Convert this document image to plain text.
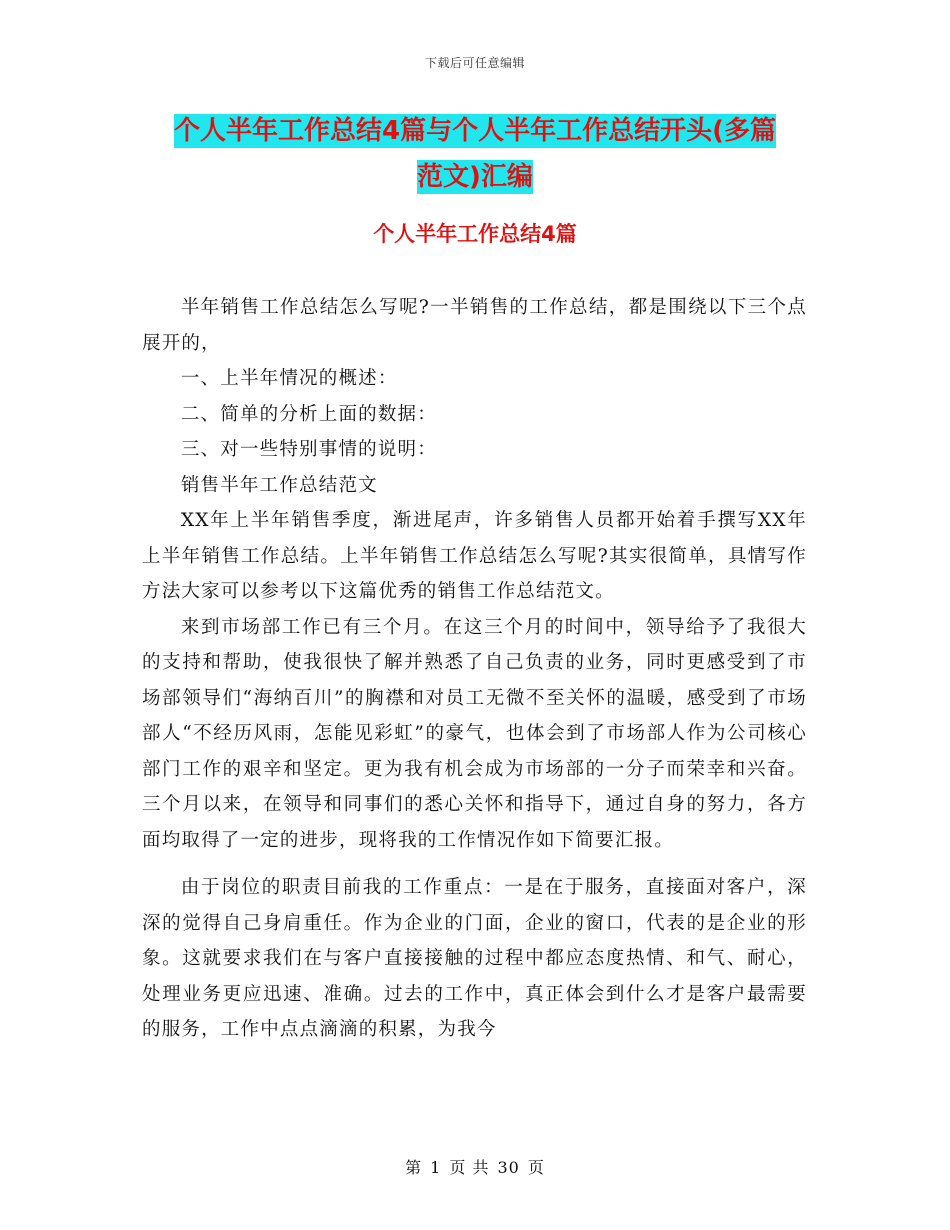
下载后可任意编辑
个人半年工作总结4篇与个人半年工作总结开头(多篇
范文)汇编
个人半年工作总结4篇

半年销售工作总结怎么写呢?一半销售的工作总结，都是围绕以下三个点展开的，

一、上半年情况的概述：

二、简单的分析上面的数据：

三、对一些特别事情的说明：

销售半年工作总结范文

XX年上半年销售季度，渐进尾声，许多销售人员都开始着手撰写XX年上半年销售工作总结。上半年销售工作总结怎么写呢?其实很简单，具情写作方法大家可以参考以下这篇优秀的销售工作总结范文。

来到市场部工作已有三个月。在这三个月的时间中，领导给予了我很大的支持和帮助，使我很快了解并熟悉了自己负责的业务，同时更感受到了市场部领导们“海纳百川”的胸襟和对员工无微不至关怀的温暖，感受到了市场部人“不经历风雨，怎能见彩虹”的豪气，也体会到了市场部人作为公司核心部门工作的艰辛和坚定。更为我有机会成为市场部的一分子而荣幸和兴奋。三个月以来，在领导和同事们的悉心关怀和指导下，通过自身的努力，各方面均取得了一定的进步，现将我的工作情况作如下简要汇报。

由于岗位的职责目前我的工作重点：一是在于服务，直接面对客户，深深的觉得自己身肩重任。作为企业的门面，企业的窗口，代表的是企业的形象。这就要求我们在与客户直接接触的过程中都应态度热情、和气、耐心，处理业务更应迅速、准确。过去的工作中，真正体会到什么才是客户最需要的服务，工作中点点滴滴的积累，为我今

第 1 页 共 30 页
